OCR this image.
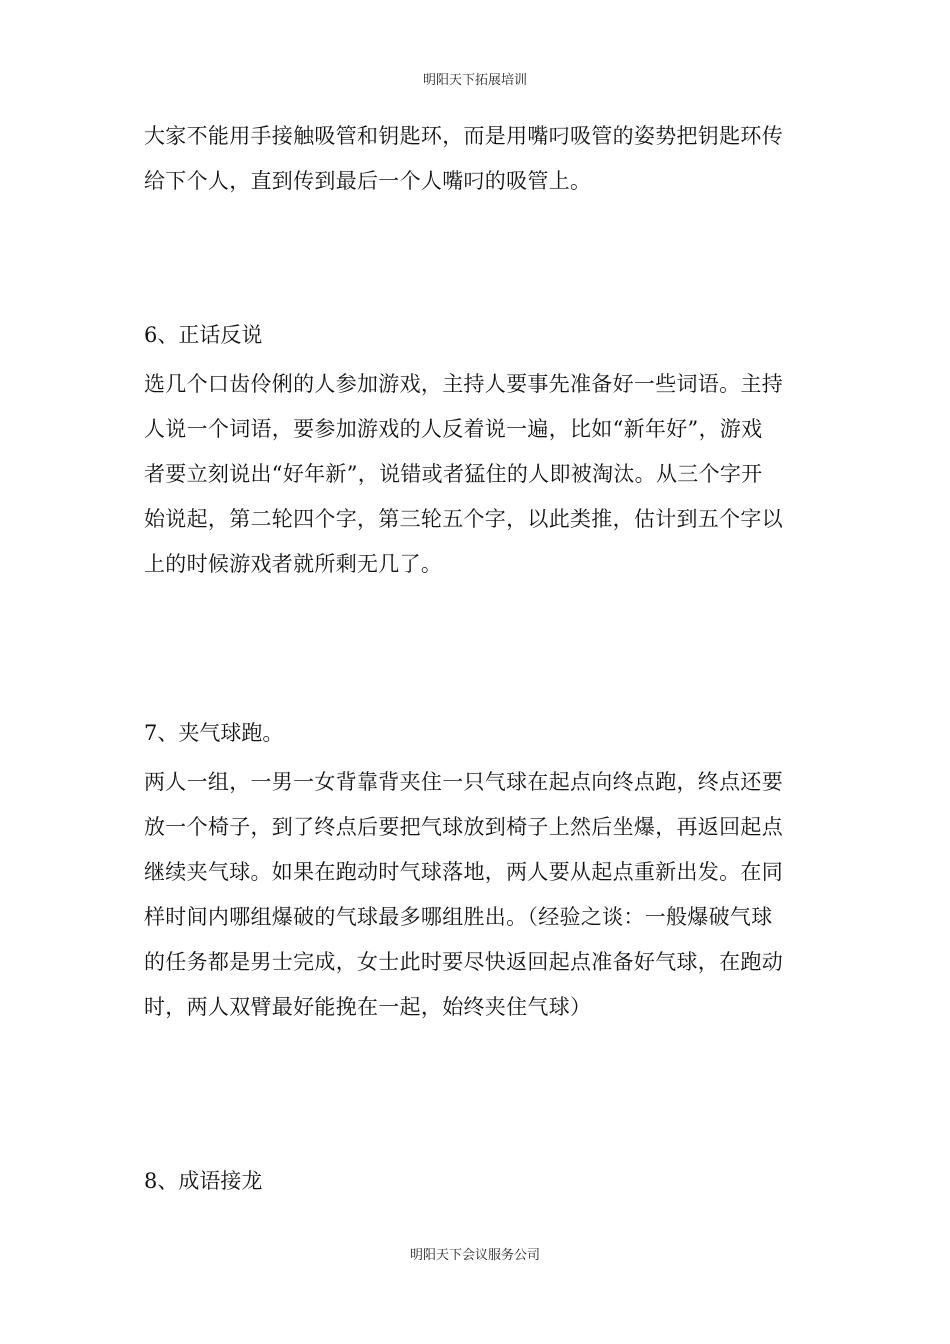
明阳天下拓展培训

大家不能用手接触吸管和钥匙环，而是用嘴叼吸管的姿势把钥匙环传

给下个人，直到传到最后一个人嘴叼的吸管上。

6、正话反说

选几个口齿伶俐的人参加游戏，主持人要事先准备好一些词语。主持

人说一个词语，要参加游戏的人反着说一遍，比如“新年好”，游戏

者要立刻说出“好年新”，说错或者猛住的人即被淘汰。从三个字开

始说起，第二轮四个字，第三轮五个字，以此类推，估计到五个字以

上的时候游戏者就所剩无几了。

7、夹气球跑。

两人一组，一男一女背靠背夹住一只气球在起点向终点跑，终点还要

放一个椅子，到了终点后要把气球放到椅子上然后坐爆，再返回起点

继续夹气球。如果在跑动时气球落地，两人要从起点重新出发。在同

样时间内哪组爆破的气球最多哪组胜出。（经验之谈：一般爆破气球

的任务都是男士完成，女士此时要尽快返回起点准备好气球，在跑动

时，两人双臂最好能挽在一起，始终夹住气球）

8、成语接龙

明阳天下会议服务公司
